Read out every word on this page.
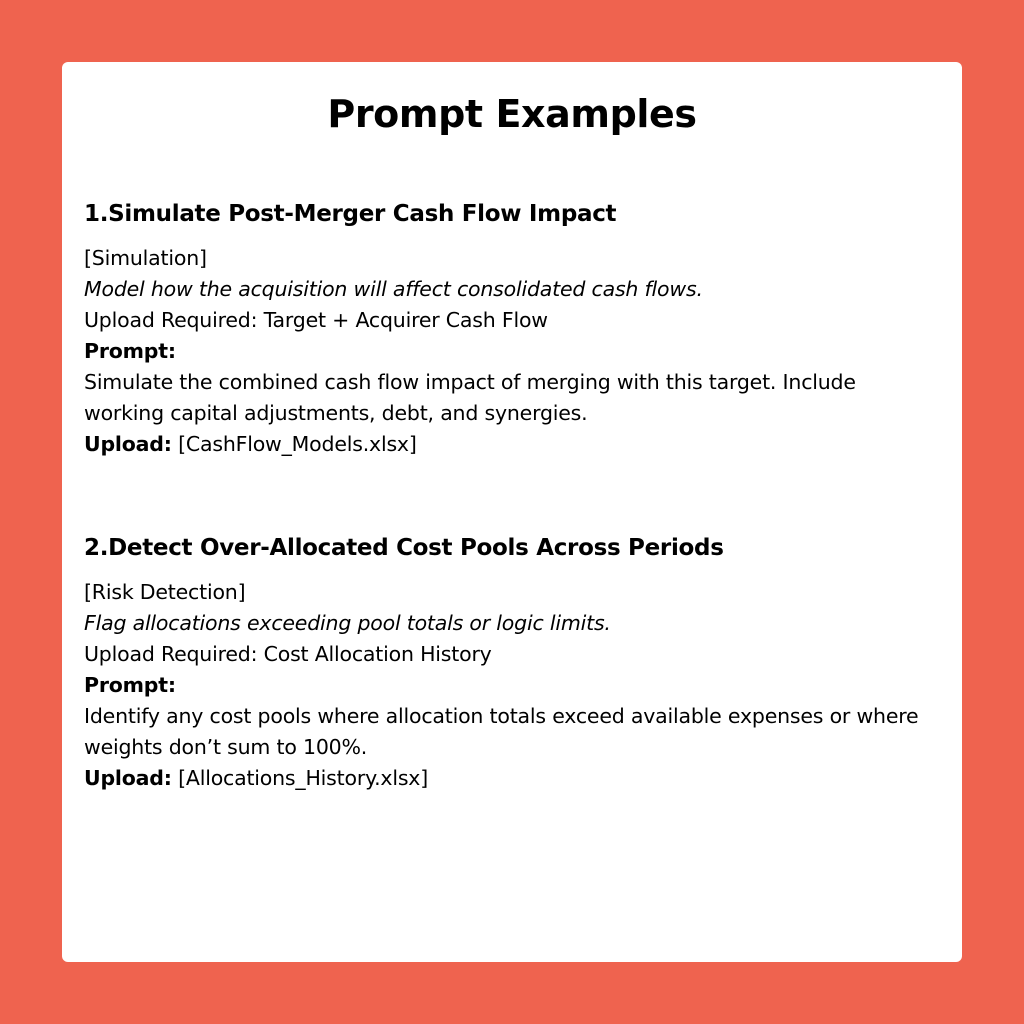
Prompt Examples
1.Simulate Post-Merger Cash Flow Impact
[Simulation]
Model how the acquisition will affect consolidated cash flows.
Upload Required: Target + Acquirer Cash Flow
Prompt:
Simulate the combined cash flow impact of merging with this target. Include working capital adjustments, debt, and synergies.
Upload: [CashFlow_Models.xlsx]
2.Detect Over-Allocated Cost Pools Across Periods
[Risk Detection]
Flag allocations exceeding pool totals or logic limits.
Upload Required: Cost Allocation History
Prompt:
Identify any cost pools where allocation totals exceed available expenses or where weights don’t sum to 100%.
Upload: [Allocations_History.xlsx]
